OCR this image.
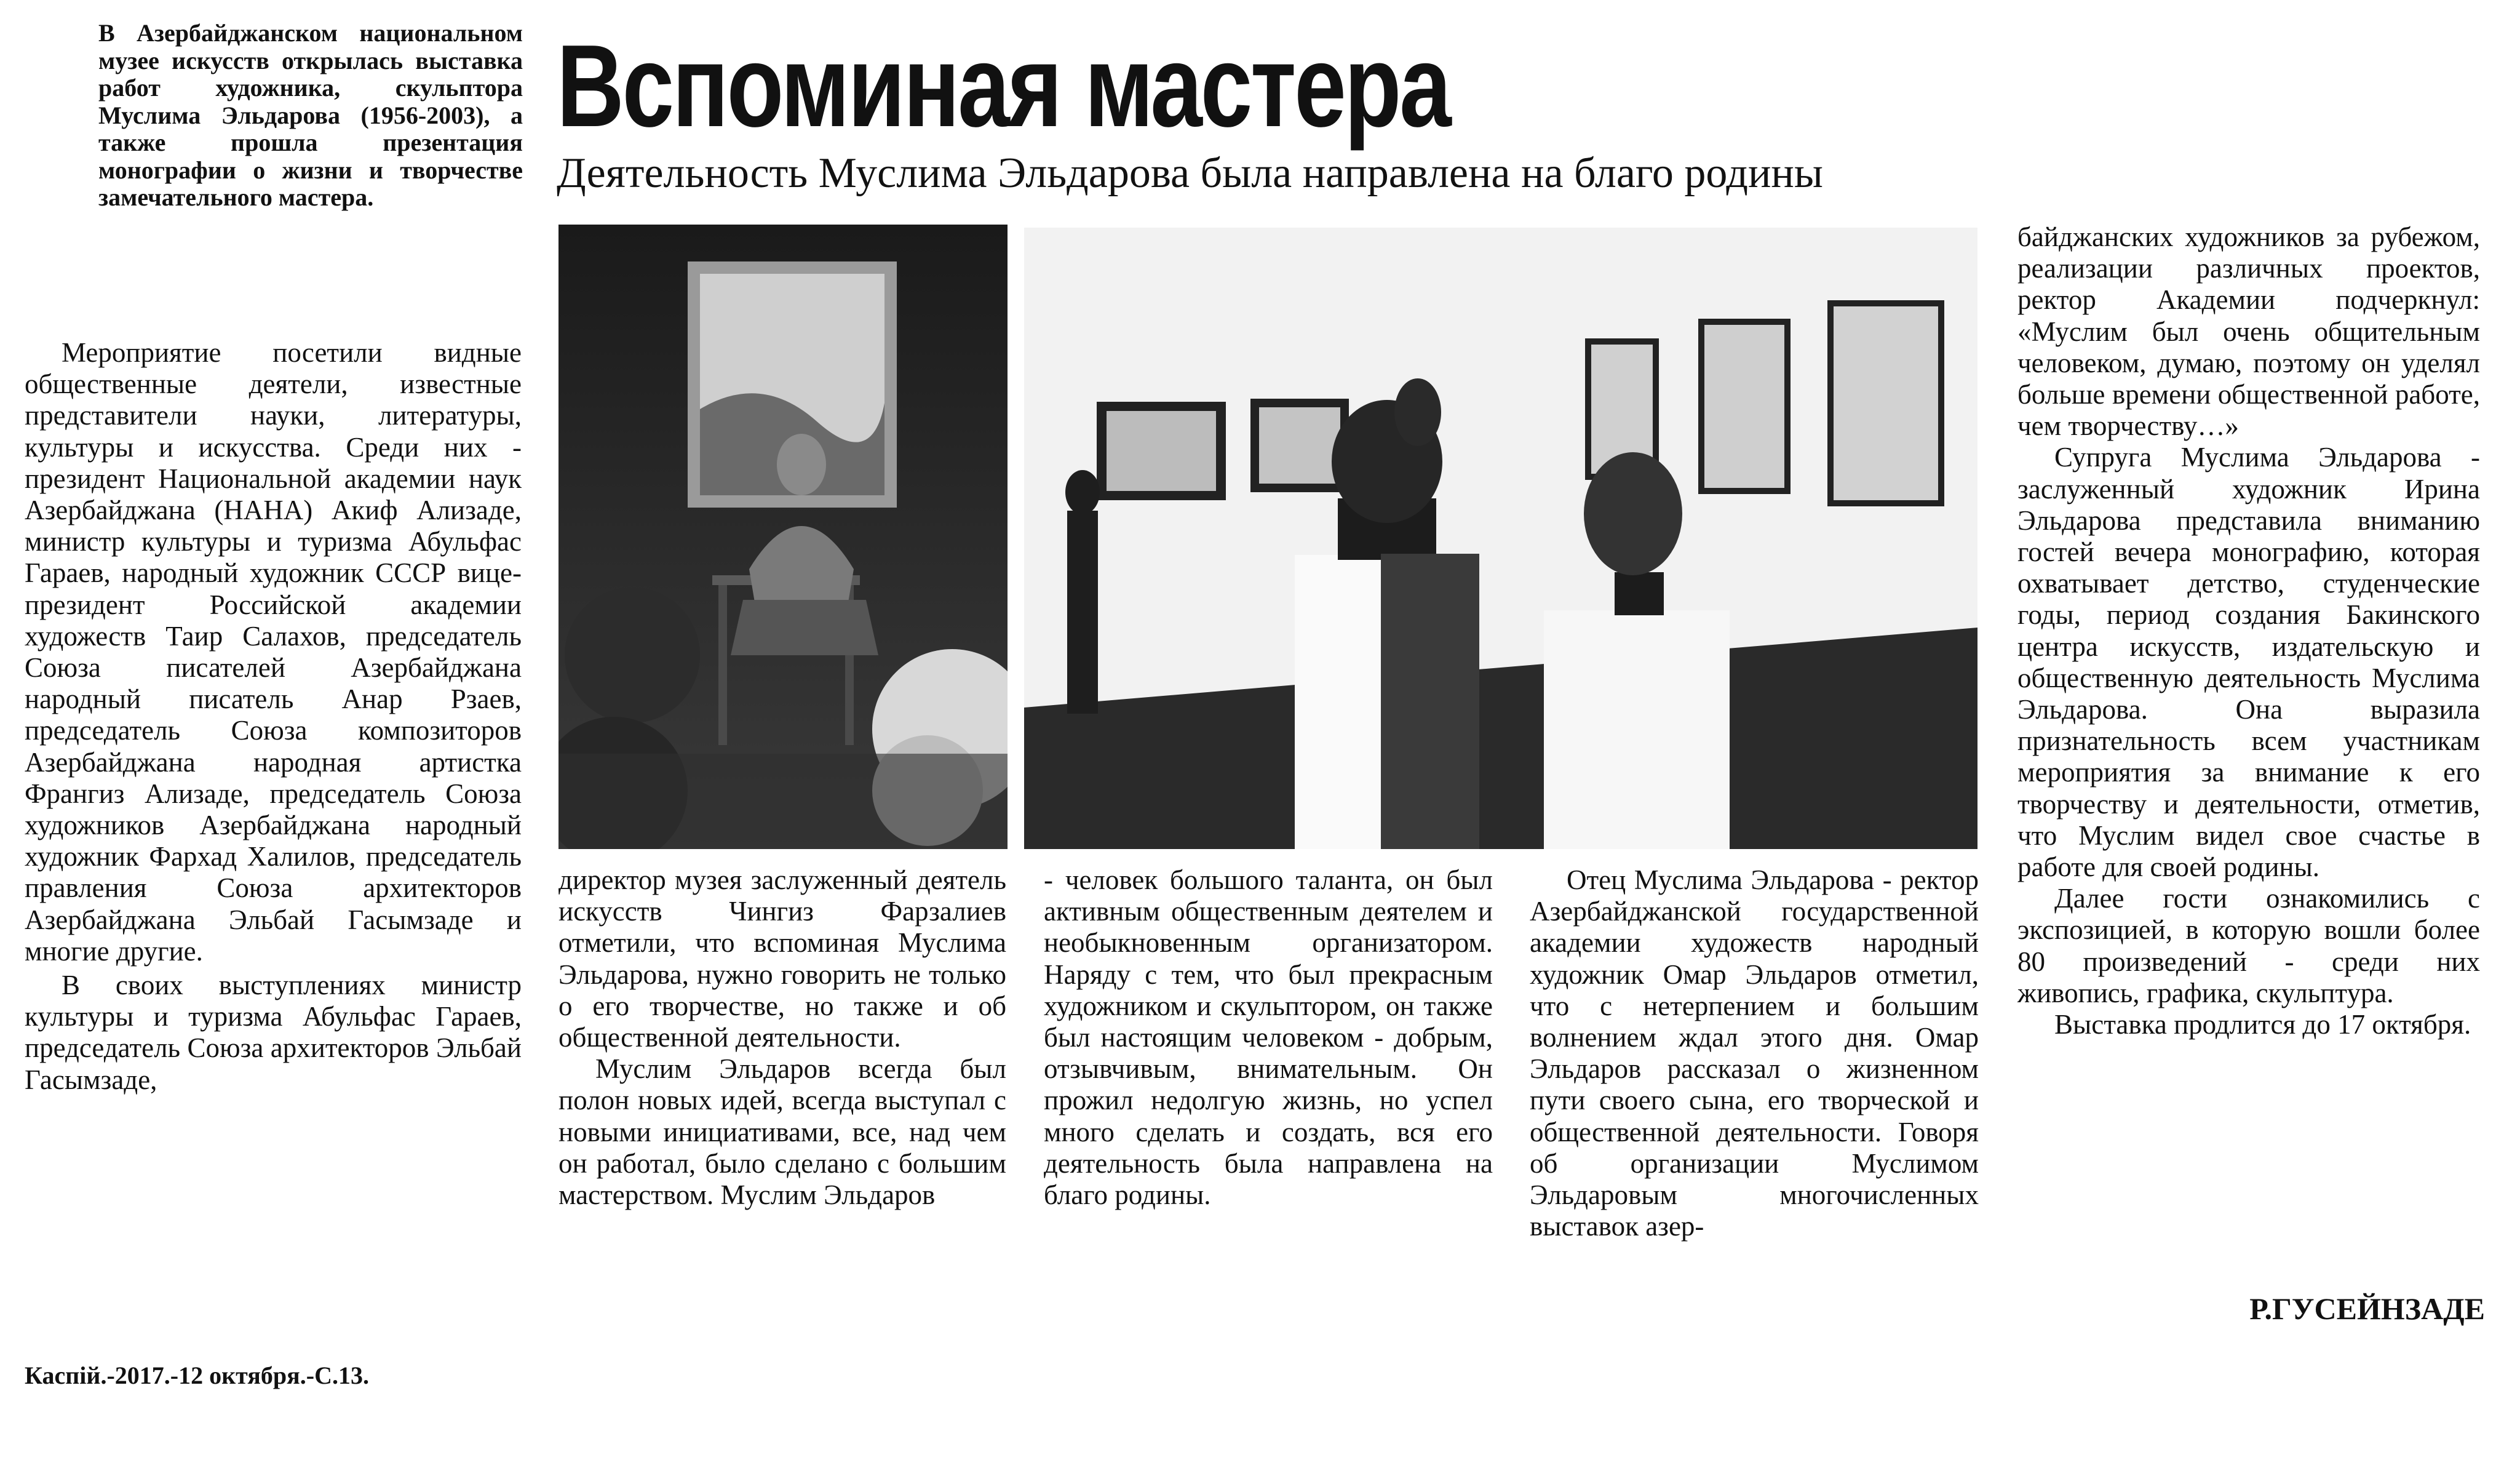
В Азербайджанском национальном музее искусств открылась выставка работ художника, скульптора Муслима Эльдарова (1956-2003), а также прошла презентация монографии о жизни и творчестве замечательного мастера.
Вспоминая мастера
Деятельность Муслима Эльдарова была направлена на благо родины

Мероприятие посетили видные общественные деятели, известные представители науки, литературы, культуры и искусства. Среди них - президент Национальной академии наук Азербайджана (НАНА) Акиф Ализаде, министр культуры и туризма Абульфас Гараев, народный художник СССР вице-президент Российской академии художеств Таир Салахов, председатель Союза писателей Азербайджана народный писатель Анар Рзаев, председатель Союза композиторов Азербайджана народная артистка Франгиз Ализаде, председатель Союза художников Азербайджана народный художник Фархад Халилов, председатель правления Союза архитекторов Азербайджана Эльбай Гасымзаде и многие другие.

В своих выступлениях министр культуры и туризма Абульфас Гараев, председатель Союза архитекторов Эльбай Гасымзаде,

директор музея заслуженный деятель искусств Чингиз Фарзалиев отметили, что вспоминая Муслима Эльдарова, нужно говорить не только о его творчестве, но также и об общественной деятельности.

Муслим Эльдаров всегда был полон новых идей, всегда выступал с новыми инициативами, все, над чем он работал, было сделано с большим мастерством. Муслим Эльдаров

- человек большого таланта, он был активным общественным деятелем и необыкновенным организатором. Наряду с тем, что был прекрасным художником и скульптором, он также был настоящим человеком - добрым, отзывчивым, внимательным. Он прожил недолгую жизнь, но успел много сделать и создать, вся его деятельность была направлена на благо родины.

Отец Муслима Эльдарова - ректор Азербайджанской государственной академии художеств народный художник Омар Эльдаров отметил, что с нетерпением и большим волнением ждал этого дня. Омар Эльдаров рассказал о жизненном пути своего сына, его творческой и общественной деятельности. Говоря об организации Муслимом Эльдаровым многочисленных выставок азер-

байджанских художников за рубежом, реализации различных проектов, ректор Академии подчеркнул: «Муслим был очень общительным человеком, думаю, поэтому он уделял больше времени общественной работе, чем творчеству…»

Супруга Муслима Эльдарова - заслуженный художник Ирина Эльдарова представила вниманию гостей вечера монографию, которая охватывает детство, студенческие годы, период создания Бакинского центра искусств, издательскую и общественную деятельность Муслима Эльдарова. Она выразила признательность всем участникам мероприятия за внимание к его творчеству и деятельности, отметив, что Муслим видел свое счастье в работе для своей родины.

Далее гости ознакомились с экспозицией, в которую вошли более 80 произведений - среди них живопись, графика, скульптура.

Выставка продлится до 17 октября.

Р.ГУСЕЙНЗАДЕ
Каспій.-2017.-12 октября.-С.13.
